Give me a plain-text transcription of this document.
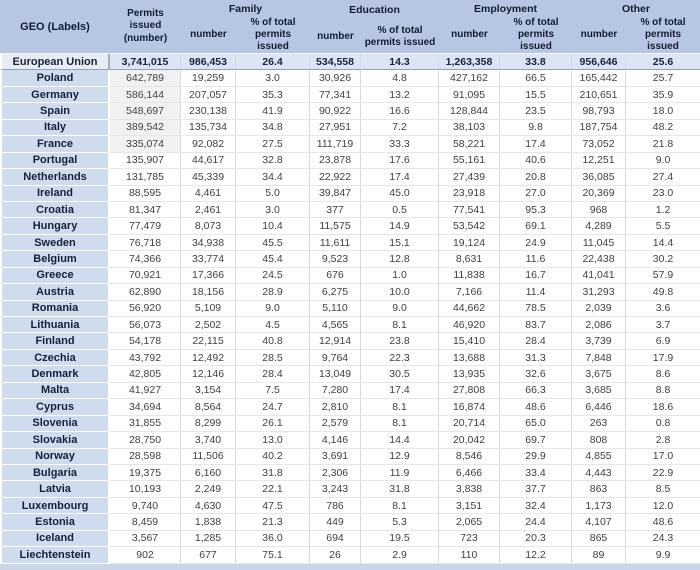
GEO (Labels)
Permits issued (number)
Family
number
% of total permits issued
Education
number
% of total permits issued
Employment
number
% of total permits issued
Other
number
% of total permits issued
European Union	3,741,015	986,453	26.4	534,558	14.3	1,263,358	33.8	956,646	25.6
Poland	642,789	19,259	3.0	30,926	4.8	427,162	66.5	165,442	25.7
Germany	586,144	207,057	35.3	77,341	13.2	91,095	15.5	210,651	35.9
Spain	548,697	230,138	41.9	90,922	16.6	128,844	23.5	98,793	18.0
Italy	389,542	135,734	34.8	27,951	7.2	38,103	9.8	187,754	48.2
France	335,074	92,082	27.5	111,719	33.3	58,221	17.4	73,052	21.8
Portugal	135,907	44,617	32.8	23,878	17.6	55,161	40.6	12,251	9.0
Netherlands	131,785	45,339	34.4	22,922	17.4	27,439	20.8	36,085	27.4
Ireland	88,595	4,461	5.0	39,847	45.0	23,918	27.0	20,369	23.0
Croatia	81,347	2,461	3.0	377	0.5	77,541	95.3	968	1.2
Hungary	77,479	8,073	10.4	11,575	14.9	53,542	69.1	4,289	5.5
Sweden	76,718	34,938	45.5	11,611	15.1	19,124	24.9	11,045	14.4
Belgium	74,366	33,774	45.4	9,523	12.8	8,631	11.6	22,438	30.2
Greece	70,921	17,366	24.5	676	1.0	11,838	16.7	41,041	57.9
Austria	62,890	18,156	28.9	6,275	10.0	7,166	11.4	31,293	49.8
Romania	56,920	5,109	9.0	5,110	9.0	44,662	78.5	2,039	3.6
Lithuania	56,073	2,502	4.5	4,565	8.1	46,920	83.7	2,086	3.7
Finland	54,178	22,115	40.8	12,914	23.8	15,410	28.4	3,739	6.9
Czechia	43,792	12,492	28.5	9,764	22.3	13,688	31.3	7,848	17.9
Denmark	42,805	12,146	28.4	13,049	30.5	13,935	32.6	3,675	8.6
Malta	41,927	3,154	7.5	7,280	17.4	27,808	66.3	3,685	8.8
Cyprus	34,694	8,564	24.7	2,810	8.1	16,874	48.6	6,446	18.6
Slovenia	31,855	8,299	26.1	2,579	8.1	20,714	65.0	263	0.8
Slovakia	28,750	3,740	13.0	4,146	14.4	20,042	69.7	808	2.8
Norway	28,598	11,506	40.2	3,691	12.9	8,546	29.9	4,855	17.0
Bulgaria	19,375	6,160	31.8	2,306	11.9	6,466	33.4	4,443	22.9
Latvia	10,193	2,249	22.1	3,243	31.8	3,838	37.7	863	8.5
Luxembourg	9,740	4,630	47.5	786	8.1	3,151	32.4	1,173	12.0
Estonia	8,459	1,838	21.3	449	5.3	2,065	24.4	4,107	48.6
Iceland	3,567	1,285	36.0	694	19.5	723	20.3	865	24.3
Liechtenstein	902	677	75.1	26	2.9	110	12.2	89	9.9
